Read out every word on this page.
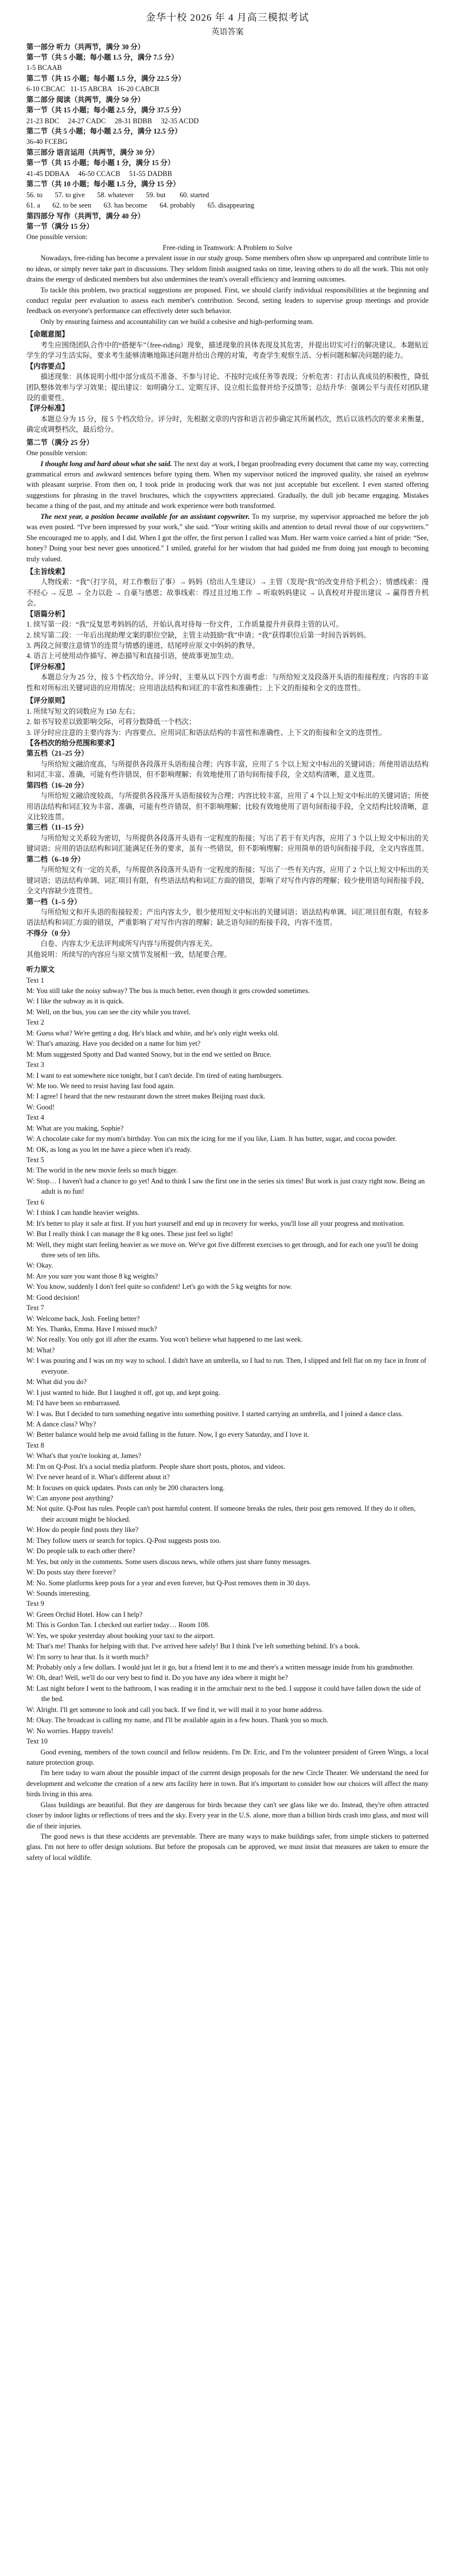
金华十校 2026 年 4 月高三模拟考试
英语答案

第一部分 听力（共两节，满分 30 分）

第一节（共 5 小题；每小题 1.5 分，满分 7.5 分）

1-5 BCAAB

第二节（共 15 小题；每小题 1.5 分，满分 22.5 分）

6-10 CBCAC   11-15 ABCBA   16-20 CABCB

第二部分 阅读（共两节，满分 50 分）

第一节（共 15 小题；每小题 2.5 分，满分 37.5 分）

21-23 BDC     24-27 CADC     28-31 BDBB     32-35 ACDD

第二节（共 5 小题；每小题 2.5 分，满分 12.5 分）

36-40 FCEBG

第三部分 语言运用（共两节，满分 30 分）

第一节（共 15 小题；每小题 1 分，满分 15 分）

41-45 DDBAA     46-50 CCACB     51-55 DADBB

第二节（共 10 小题；每小题 1.5 分，满分 15 分）

56. to       57. to give       58. whatever       59. but        60. started

61. a       62. to be seen       63. has become       64. probably       65. disappearing

第四部分 写作（共两节，满分 40 分）

第一节（满分 15 分）

One possible version:

Free-riding in Teamwork: A Problem to Solve

Nowadays, free-riding has become a prevalent issue in our study group. Some members often show up unprepared and contribute little to no ideas, or simply never take part in discussions. They seldom finish assigned tasks on time, leaving others to do all the work. This not only drains the energy of dedicated members but also undermines the team's overall efficiency and learning outcomes.

To tackle this problem, two practical suggestions are proposed. First, we should clarify individual responsibilities at the beginning and conduct regular peer evaluation to assess each member's contribution. Second, setting leaders to supervise group meetings and provide feedback on everyone's performance can effectively deter such behavior.

Only by ensuring fairness and accountability can we build a cohesive and high-performing team.

【命题意图】

考生应围绕团队合作中的“搭便车”（free-riding）现象，描述现象的具体表现及其危害，并提出切实可行的解决建议。本题贴近学生的学习生活实际，要求考生能够清晰地陈述问题并给出合理的对策，考查学生观察生活、分析问题和解决问题的能力。

【内容要点】

描述现象：具体说明小组中部分成员不准备、不参与讨论、不按时完成任务等表现；分析危害：打击认真成员的积极性，降低团队整体效率与学习效果；提出建议：如明确分工、定期互评、设立组长监督并给予反馈等；总结升华：强调公平与责任对团队建设的重要性。

【评分标准】

本题总分为 15 分，按 5 个档次给分。评分时，先根据文章的内容和语言初步确定其所属档次，然后以该档次的要求来衡量，确定或调整档次，最后给分。

第二节（满分 25 分）

One possible version:

I thought long and hard about what she said. The next day at work, I began proofreading every document that came my way, correcting grammatical errors and awkward sentences before typing them. When my supervisor noticed the improved quality, she raised an eyebrow with pleasant surprise. From then on, I took pride in producing work that was not just acceptable but excellent. I even started offering suggestions for phrasing in the travel brochures, which the copywriters appreciated. Gradually, the dull job became engaging. Mistakes became a thing of the past, and my attitude and work experience were both transformed.

The next year, a position became available for an assistant copywriter. To my surprise, my supervisor approached me before the job was even posted. “I've been impressed by your work,” she said. “Your writing skills and attention to detail reveal those of our copywriters.” She encouraged me to apply, and I did. When I got the offer, the first person I called was Mum. Her warm voice carried a hint of pride: “See, honey? Doing your best never goes unnoticed.” I smiled, grateful for her wisdom that had guided me from doing just enough to becoming truly valued.

【主旨线索】

人物线索：“我”（打字员，对工作敷衍了事）→ 妈妈（给出人生建议）→ 主管（发现“我”的改变并给予机会）；情感线索：漫不经心 → 反思 → 全力以赴 → 自豪与感恩；故事线索：得过且过地工作 → 听取妈妈建议 → 认真校对并提出建议 → 赢得晋升机会。

【语篇分析】

1. 续写第一段：“我”反复思考妈妈的话，开始认真对待每一份文件，工作质量提升并获得主管的认可。

2. 续写第二段：一年后出现助理文案的职位空缺，主管主动鼓励“我”申请；“我”获得职位后第一时间告诉妈妈。

3. 两段之间要注意情节的连贯与情感的递进，结尾呼应原文中妈妈的教导。

4. 语言上可使用动作描写、神态描写和直接引语，使故事更加生动。

【评分标准】

本题总分为 25 分，按 5 个档次给分。评分时，主要从以下四个方面考虑：与所给短文及段落开头语的衔接程度；内容的丰富性和对所标出关键词语的应用情况；应用语法结构和词汇的丰富性和准确性；上下文的衔接和全文的连贯性。

【评分原则】

1. 所续写短文的词数应为 150 左右；

2. 如书写较差以致影响交际，可将分数降低一个档次；

3. 评分时应注意的主要内容为：内容要点、应用词汇和语法结构的丰富性和准确性、上下文的衔接和全文的连贯性。

【各档次的给分范围和要求】

第五档（21–25 分）

与所给短文融洽度高，与所提供各段落开头语衔接合理；内容丰富，应用了 5 个以上短文中标出的关键词语；所使用语法结构和词汇丰富、准确，可能有些许错误，但不影响理解；有效地使用了语句间衔接手段，全文结构清晰，意义连贯。

第四档（16–20 分）

与所给短文融洽度较高，与所提供各段落开头语衔接较为合理；内容比较丰富，应用了 4 个以上短文中标出的关键词语；所使用语法结构和词汇较为丰富、准确，可能有些许错误，但不影响理解；比较有效地使用了语句间衔接手段，全文结构比较清晰，意义比较连贯。

第三档（11–15 分）

与所给短文关系较为密切，与所提供各段落开头语有一定程度的衔接；写出了若干有关内容，应用了 3 个以上短文中标出的关键词语；应用的语法结构和词汇能满足任务的要求，虽有一些错误，但不影响理解；应用简单的语句间衔接手段，全文内容连贯。

第二档（6–10 分）

与所给短文有一定的关系，与所提供各段落开头语有一定程度的衔接；写出了一些有关内容，应用了 2 个以上短文中标出的关键词语；语法结构单调、词汇项目有限，有些语法结构和词汇方面的错误，影响了对写作内容的理解；较少使用语句间衔接手段，全文内容缺少连贯性。

第一档（1–5 分）

与所给短文和开头语的衔接较差；产出内容太少，很少使用短文中标出的关键词语；语法结构单调、词汇项目很有限，有较多语法结构和词汇方面的错误，严重影响了对写作内容的理解；缺乏语句间的衔接手段，内容不连贯。

不得分（0 分）

白卷、内容太少无法评判或所写内容与所提供内容无关。

其他说明：所续写的内容应与原文情节发展相一致，结尾要合理。

听力原文

Text 1

M: You still take the noisy subway? The bus is much better, even though it gets crowded sometimes.

W: I like the subway as it is quick.

M: Well, on the bus, you can see the city while you travel.

Text 2

M: Guess what? We're getting a dog. He's black and white, and he's only eight weeks old.

W: That's amazing. Have you decided on a name for him yet?

M: Mum suggested Spotty and Dad wanted Snowy, but in the end we settled on Bruce.

Text 3

M: I want to eat somewhere nice tonight, but I can't decide. I'm tired of eating hamburgers.

W: Me too. We need to resist having fast food again.

M: I agree! I heard that the new restaurant down the street makes Beijing roast duck.

W: Good!

Text 4

M: What are you making, Sophie?

W: A chocolate cake for my mom's birthday. You can mix the icing for me if you like, Liam. It has butter, sugar, and cocoa powder.

M: OK, as long as you let me have a piece when it's ready.

Text 5

M: The world in the new movie feels so much bigger.

W: Stop… I haven't had a chance to go yet! And to think I saw the first one in the series six times! But work is just crazy right now. Being an adult is no fun!

Text 6

W: I think I can handle heavier weights.

M: It's better to play it safe at first. If you hurt yourself and end up in recovery for weeks, you'll lose all your progress and motivation.

W: But I really think I can manage the 8 kg ones. These just feel so light!

M: Well, they might start feeling heavier as we move on. We've got five different exercises to get through, and for each one you'll be doing three sets of ten lifts.

W: Okay.

M: Are you sure you want those 8 kg weights?

W: You know, suddenly I don't feel quite so confident! Let's go with the 5 kg weights for now.

M: Good decision!

Text 7

W: Welcome back, Josh. Feeling better?

M: Yes. Thanks, Emma. Have I missed much?

W: Not really. You only got ill after the exams. You won't believe what happened to me last week.

M: What?

W: I was pouring and I was on my way to school. I didn't have an umbrella, so I had to run. Then, I slipped and fell flat on my face in front of everyone.

M: What did you do?

W: I just wanted to hide. But I laughed it off, got up, and kept going.

M: I'd have been so embarrassed.

W: I was. But I decided to turn something negative into something positive. I started carrying an umbrella, and I joined a dance class.

M: A dance class? Why?

W: Better balance would help me avoid falling in the future. Now, I go every Saturday, and I love it.

Text 8

W: What's that you're looking at, James?

M: I'm on Q-Post. It's a social media platform. People share short posts, photos, and videos.

W: I've never heard of it. What's different about it?

M: It focuses on quick updates. Posts can only be 200 characters long.

W: Can anyone post anything?

M: Not quite. Q-Post has rules. People can't post harmful content. If someone breaks the rules, their post gets removed. If they do it often, their account might be blocked.

W: How do people find posts they like?

M: They follow users or search for topics. Q-Post suggests posts too.

W: Do people talk to each other there?

M: Yes, but only in the comments. Some users discuss news, while others just share funny messages.

W: Do posts stay there forever?

M: No. Some platforms keep posts for a year and even forever, but Q-Post removes them in 30 days.

W: Sounds interesting.

Text 9

W: Green Orchid Hotel. How can I help?

M: This is Gordon Tan. I checked out earlier today… Room 108.

W: Yes, we spoke yesterday about booking your taxi to the airport.

M: That's me! Thanks for helping with that. I've arrived here safely! But I think I've left something behind. It's a book.

W: I'm sorry to hear that. Is it worth much?

M: Probably only a few dollars. I would just let it go, but a friend lent it to me and there's a written message inside from his grandmother.

W: Oh, dear! Well, we'll do our very best to find it. Do you have any idea where it might be?

M: Last night before I went to the bathroom, I was reading it in the armchair next to the bed. I suppose it could have fallen down the side of the bed.

W: Alright. I'll get someone to look and call you back. If we find it, we will mail it to your home address.

M: Okay. The broadcast is calling my name, and I'll be available again in a few hours. Thank you so much.

W: No worries. Happy travels!

Text 10

Good evening, members of the town council and fellow residents. I'm Dr. Eric, and I'm the volunteer president of Green Wings, a local nature protection group.

I'm here today to warn about the possible impact of the current design proposals for the new Circle Theater. We understand the need for development and welcome the creation of a new arts facility here in town. But it's important to consider how our choices will affect the many birds living in this area.

Glass buildings are beautiful. But they are dangerous for birds because they can't see glass like we do. Instead, they're often attracted closer by indoor lights or reflections of trees and the sky. Every year in the U.S. alone, more than a billion birds crash into glass, and most will die of their injuries.

The good news is that these accidents are preventable. There are many ways to make buildings safer, from simple stickers to patterned glass. I'm not here to offer design solutions. But before the proposals can be approved, we must insist that measures are taken to ensure the safety of local wildlife.
